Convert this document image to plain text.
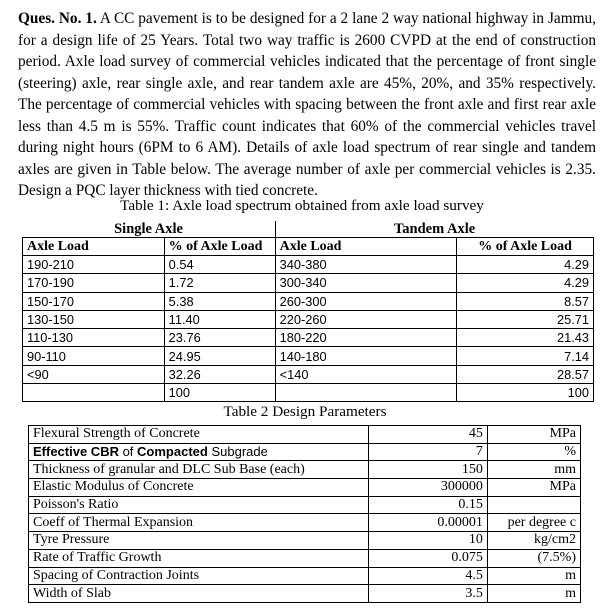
Ques. No. 1. A CC pavement is to be designed for a 2 lane 2 way national highway in Jammu, for a design life of 25 Years. Total two way traffic is 2600 CVPD at the end of construction period. Axle load survey of commercial vehicles indicated that the percentage of front single (steering) axle, rear single axle, and rear tandem axle are 45%, 20%, and 35% respectively. The percentage of commercial vehicles with spacing between the front axle and first rear axle less than 4.5 m is 55%. Traffic count indicates that 60% of the commercial vehicles travel during night hours (6PM to 6 AM). Details of axle load spectrum of rear single and tandem axles are given in Table below. The average number of axle per commercial vehicles is 2.35. Design a PQC layer thickness with tied concrete.
Table 1: Axle load spectrum obtained from axle load survey
Single Axle		Tandem Axle	
Axle Load	% of Axle Load	Axle Load	% of Axle Load
190-210	0.54	340-380	4.29
170-190	1.72	300-340	4.29
150-170	5.38	260-300	8.57
130-150	11.40	220-260	25.71
110-130	23.76	180-220	21.43
90-110	24.95	140-180	7.14
<90	32.26	<140	28.57
	100		100
Table 2 Design Parameters
Flexural Strength of Concrete	45	MPa
Effective CBR of Compacted Subgrade	7	%
Thickness of granular and DLC Sub Base (each)	150	mm
Elastic Modulus of Concrete	300000	MPa
Poisson's Ratio	0.15	
Coeff of Thermal Expansion	0.00001	per degree c
Tyre Pressure	10	kg/cm2
Rate of Traffic Growth	0.075	(7.5%)
Spacing of Contraction Joints	4.5	m
Width of Slab	3.5	m
